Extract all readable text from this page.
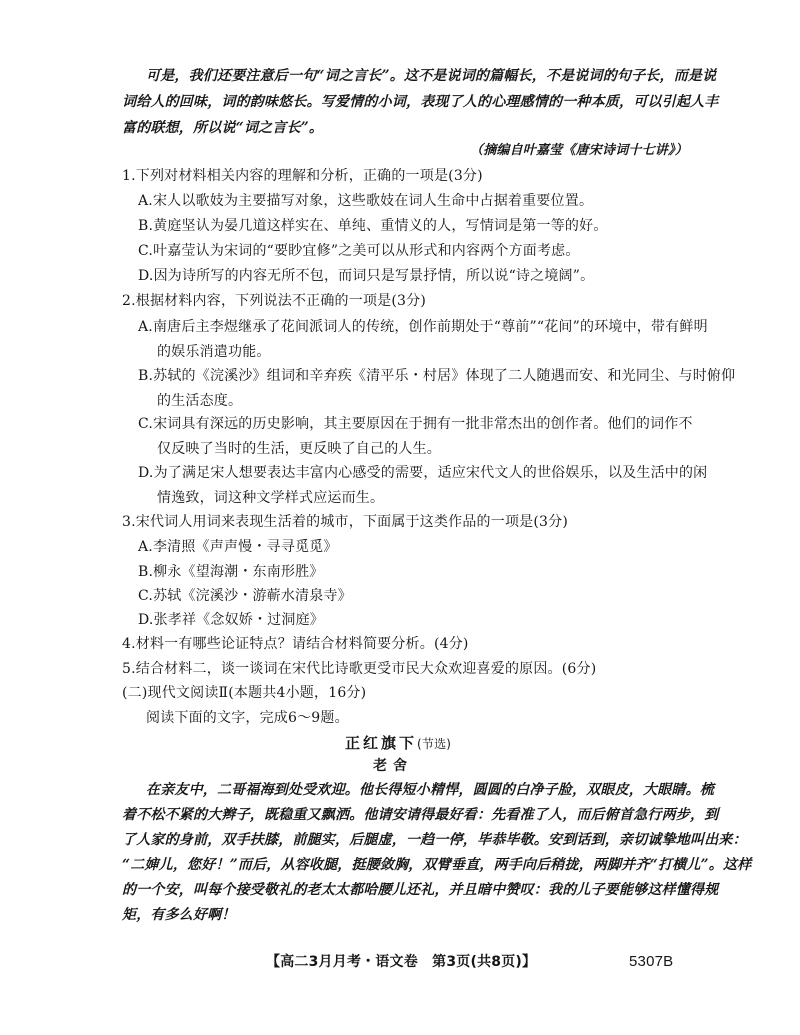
可是，我们还要注意后一句“词之言长”。这不是说词的篇幅长，不是说词的句子长，而是说
词给人的回味，词的韵味悠长。写爱情的小词，表现了人的心理感情的一种本质，可以引起人丰
富的联想，所以说“词之言长”。
（摘编自叶嘉莹《唐宋诗词十七讲》）
1.下列对材料相关内容的理解和分析，正确的一项是(3分)
A.宋人以歌妓为主要描写对象，这些歌妓在词人生命中占据着重要位置。
B.黄庭坚认为晏几道这样实在、单纯、重情义的人，写情词是第一等的好。
C.叶嘉莹认为宋词的“要眇宜修”之美可以从形式和内容两个方面考虑。
D.因为诗所写的内容无所不包，而词只是写景抒情，所以说“诗之境阔”。
2.根据材料内容，下列说法不正确的一项是(3分)
A.南唐后主李煜继承了花间派词人的传统，创作前期处于“尊前”“花间”的环境中，带有鲜明
的娱乐消遣功能。
B.苏轼的《浣溪沙》组词和辛弃疾《清平乐・村居》体现了二人随遇而安、和光同尘、与时俯仰
的生活态度。
C.宋词具有深远的历史影响，其主要原因在于拥有一批非常杰出的创作者。他们的词作不
仅反映了当时的生活，更反映了自己的人生。
D.为了满足宋人想要表达丰富内心感受的需要，适应宋代文人的世俗娱乐，以及生活中的闲
情逸致，词这种文学样式应运而生。
3.宋代词人用词来表现生活着的城市，下面属于这类作品的一项是(3分)
A.李清照《声声慢・寻寻觅觅》
B.柳永《望海潮・东南形胜》
C.苏轼《浣溪沙・游蕲水清泉寺》
D.张孝祥《念奴娇・过洞庭》
4.材料一有哪些论证特点？请结合材料简要分析。(4分)
5.结合材料二，谈一谈词在宋代比诗歌更受市民大众欢迎喜爱的原因。(6分)
(二)现代文阅读Ⅱ(本题共4小题，16分)
阅读下面的文字，完成6～9题。
正红旗下(节选)
老舍
在亲友中，二哥福海到处受欢迎。他长得短小精悍，圆圆的白净子脸，双眼皮，大眼睛。梳
着不松不紧的大辫子，既稳重又飘洒。他请安请得最好看：先看准了人，而后俯首急行两步，到
了人家的身前，双手扶膝，前腿实，后腿虚，一趋一停，毕恭毕敬。安到话到，亲切诚挚地叫出来：
“二婶儿，您好！”而后，从容收腿，挺腰敛胸，双臂垂直，两手向后稍拢，两脚并齐“打横儿”。这样
的一个安，叫每个接受敬礼的老太太都哈腰儿还礼，并且暗中赞叹：我的儿子要能够这样懂得规
矩，有多么好啊！
【高二3月月考・语文卷　第3页(共8页)】	5307B
